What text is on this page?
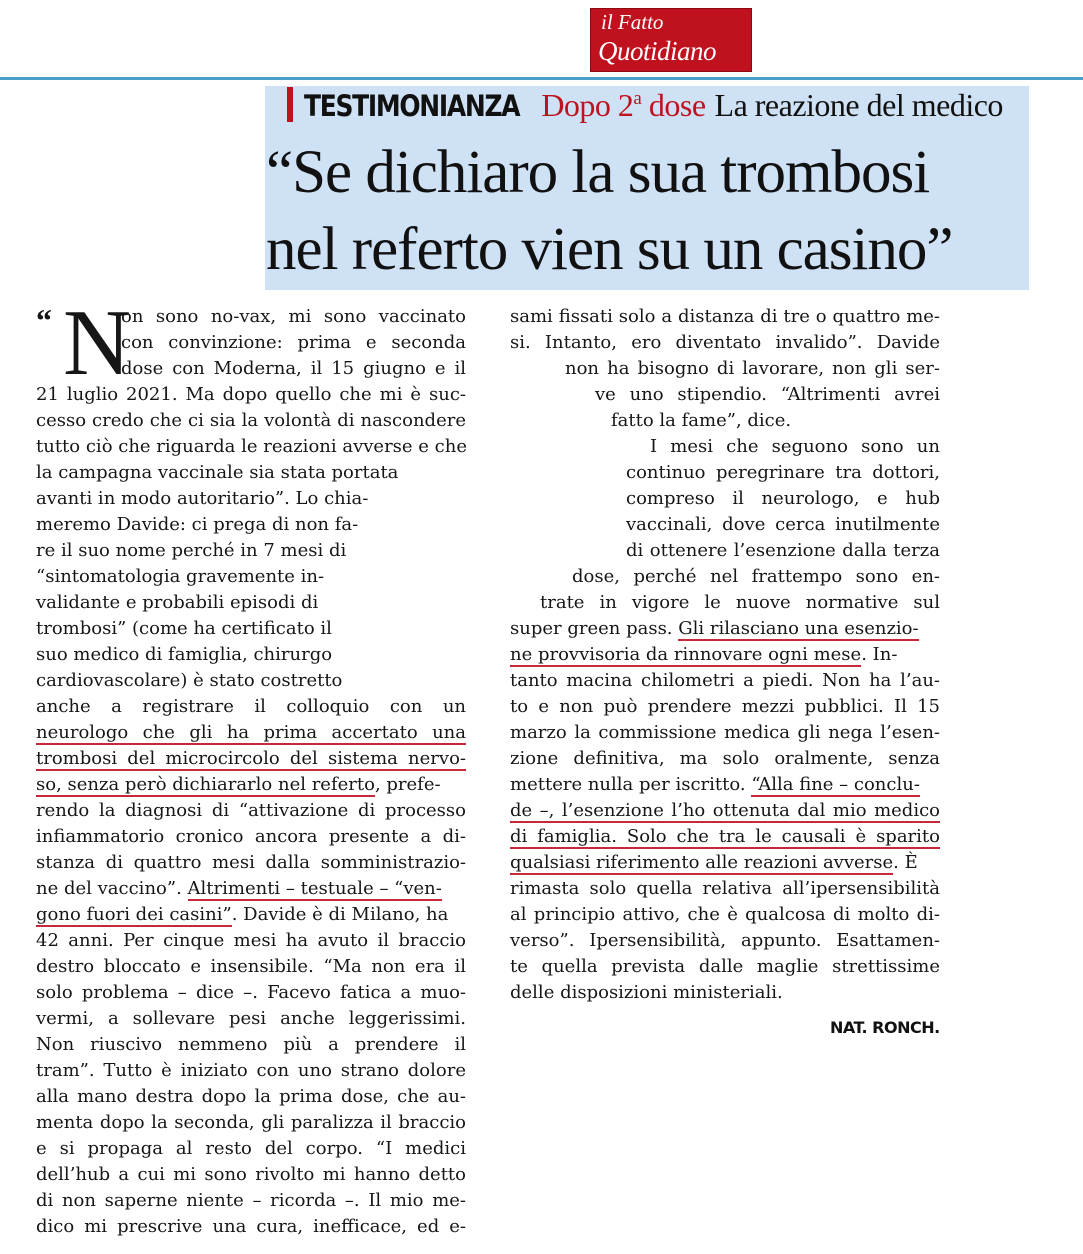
il Fatto
Quotidiano
TESTIMONIANZA Dopo 2$^a$ dose La reazione del medico
“Se dichiaro la sua trombosi
nel referto vien su un casino”
“ N
on sono no-vax, mi sono vaccinato
con convinzione: prima e seconda
dose con Moderna, il 15 giugno e il
21 luglio 2021. Ma dopo quello che mi è suc-
cesso credo che ci sia la volontà di nascondere
tutto ciò che riguarda le reazioni avverse e che
la campagna vaccinale sia stata portata
avanti in modo autoritario”. Lo chia-
meremo Davide: ci prega di non fa-
re il suo nome perché in 7 mesi di
“sintomatologia gravemente in-
validante e probabili episodi di
trombosi” (come ha certificato il
suo medico di famiglia, chirurgo
cardiovascolare) è stato costretto
anche a registrare il colloquio con un
neurologo che gli ha prima accertato una
trombosi del microcircolo del sistema nervo-
so, senza però dichiararlo nel referto, prefe-
rendo la diagnosi di “attivazione di processo
infiammatorio cronico ancora presente a di-
stanza di quattro mesi dalla somministrazio-
ne del vaccino”. Altrimenti – testuale – “ven-
gono fuori dei casini”. Davide è di Milano, ha
42 anni. Per cinque mesi ha avuto il braccio
destro bloccato e insensibile. “Ma non era il
solo problema – dice –. Facevo fatica a muo-
vermi, a sollevare pesi anche leggerissimi.
Non riuscivo nemmeno più a prendere il
tram”. Tutto è iniziato con uno strano dolore
alla mano destra dopo la prima dose, che au-
menta dopo la seconda, gli paralizza il braccio
e si propaga al resto del corpo. “I medici
dell’hub a cui mi sono rivolto mi hanno detto
di non saperne niente – ricorda –. Il mio me-
dico mi prescrive una cura, inefficace, ed e-
sami fissati solo a distanza di tre o quattro me-
si. Intanto, ero diventato invalido”. Davide
non ha bisogno di lavorare, non gli ser-
ve uno stipendio. “Altrimenti avrei
fatto la fame”, dice.
I mesi che seguono sono un
continuo peregrinare tra dottori,
compreso il neurologo, e hub
vaccinali, dove cerca inutilmente
di ottenere l’esenzione dalla terza
dose, perché nel frattempo sono en-
trate in vigore le nuove normative sul
super green pass. Gli rilasciano una esenzio-
ne provvisoria da rinnovare ogni mese. In-
tanto macina chilometri a piedi. Non ha l’au-
to e non può prendere mezzi pubblici. Il 15
marzo la commissione medica gli nega l’esen-
zione definitiva, ma solo oralmente, senza
mettere nulla per iscritto. “Alla fine – conclu-
de –, l’esenzione l’ho ottenuta dal mio medico
di famiglia. Solo che tra le causali è sparito
qualsiasi riferimento alle reazioni avverse. È
rimasta solo quella relativa all’ipersensibilità
al principio attivo, che è qualcosa di molto di-
verso”. Ipersensibilità, appunto. Esattamen-
te quella prevista dalle maglie strettissime
delle disposizioni ministeriali.
NAT. RONCH.
